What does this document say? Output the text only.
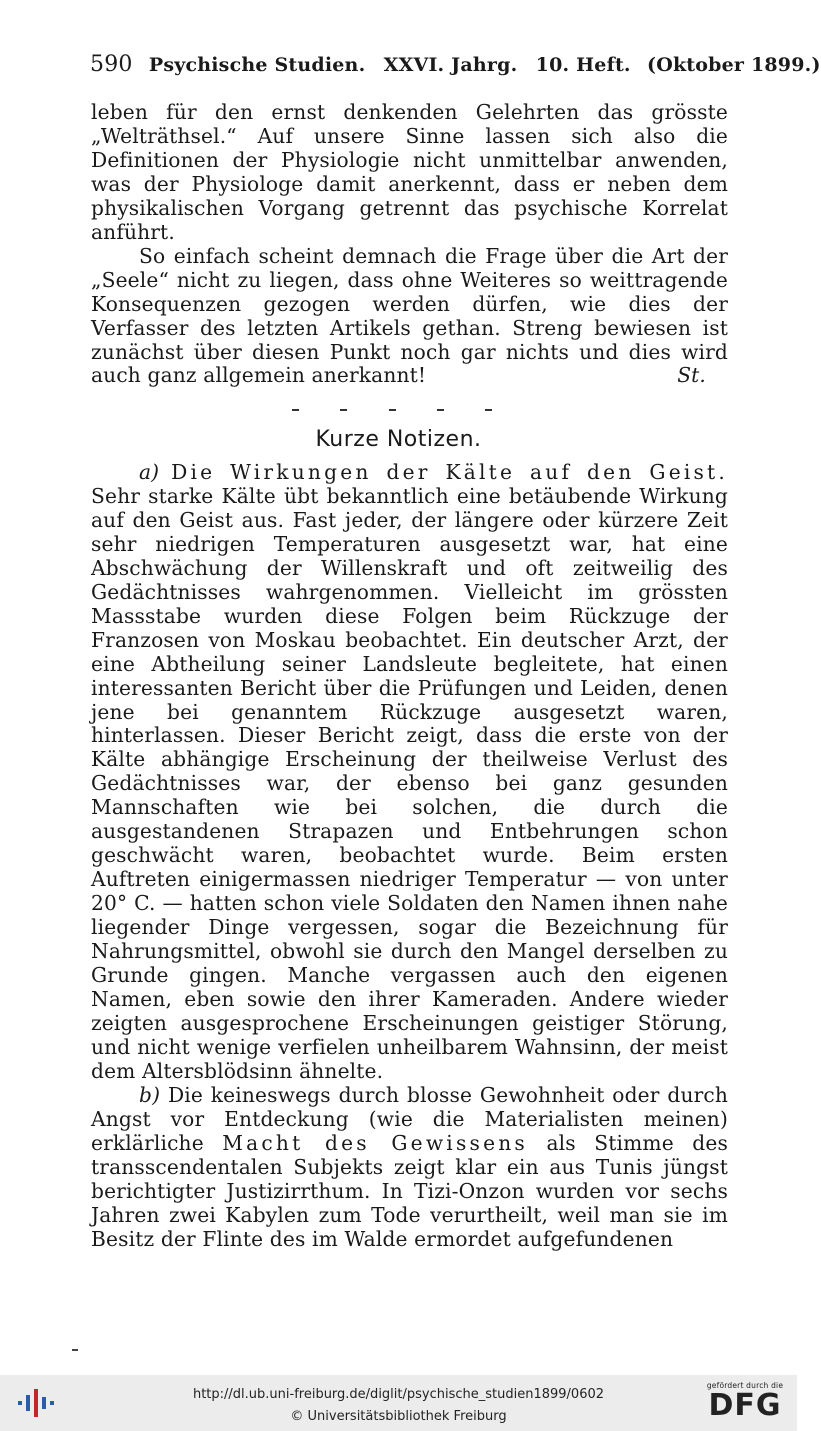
590 Psychische Studien. XXVI. Jahrg. 10. Heft. (Oktober 1899.)

leben für den ernst denkenden Gelehrten das grösste „Welträthsel.“ Auf unsere Sinne lassen sich also die Definitionen der Physiologie nicht unmittelbar anwenden, was der Physiologe damit anerkennt, dass er neben dem physikalischen Vorgang getrennt das psychische Korrelat anführt.

So einfach scheint demnach die Frage über die Art der „Seele“ nicht zu liegen, dass ohne Weiteres so weittragende Konsequenzen gezogen werden dürfen, wie dies der Verfasser des letzten Artikels gethan. Streng bewiesen ist zunächst über diesen Punkt noch gar nichts und dies wird auch ganz allgemein anerkannt!	St.

Kurze Notizen.

a) Die Wirkungen der Kälte auf den Geist. Sehr starke Kälte übt bekanntlich eine betäubende Wirkung auf den Geist aus. Fast jeder, der längere oder kürzere Zeit sehr niedrigen Temperaturen ausgesetzt war, hat eine Abschwächung der Willenskraft und oft zeitweilig des Gedächtnisses wahrgenommen. Vielleicht im grössten Massstabe wurden diese Folgen beim Rückzuge der Franzosen von Moskau beobachtet. Ein deutscher Arzt, der eine Abtheilung seiner Landsleute begleitete, hat einen interessanten Bericht über die Prüfungen und Leiden, denen jene bei genanntem Rückzuge ausgesetzt waren, hinterlassen. Dieser Bericht zeigt, dass die erste von der Kälte abhängige Erscheinung der theilweise Verlust des Gedächtnisses war, der ebenso bei ganz gesunden Mannschaften wie bei solchen, die durch die ausgestandenen Strapazen und Entbehrungen schon geschwächt waren, beobachtet wurde. Beim ersten Auftreten einigermassen niedriger Temperatur — von unter 20° C. — hatten schon viele Soldaten den Namen ihnen nahe liegender Dinge vergessen, sogar die Bezeichnung für Nahrungsmittel, obwohl sie durch den Mangel derselben zu Grunde gingen. Manche vergassen auch den eigenen Namen, eben sowie den ihrer Kameraden. Andere wieder zeigten ausgesprochene Erscheinungen geistiger Störung, und nicht wenige verfielen unheilbarem Wahnsinn, der meist dem Altersblödsinn ähnelte.

b) Die keineswegs durch blosse Gewohnheit oder durch Angst vor Entdeckung (wie die Materialisten meinen) erklärliche Macht des Gewissens als Stimme des transscendentalen Subjekts zeigt klar ein aus Tunis jüngst berichtigter Justizirrthum. In Tizi-Onzon wurden vor sechs Jahren zwei Kabylen zum Tode verurtheilt, weil man sie im Besitz der Flinte des im Walde ermordet aufgefundenen

http://dl.ub.uni-freiburg.de/diglit/psychische_studien1899/0602
© Universitätsbibliothek Freiburg
gefördert durch die
DFG
